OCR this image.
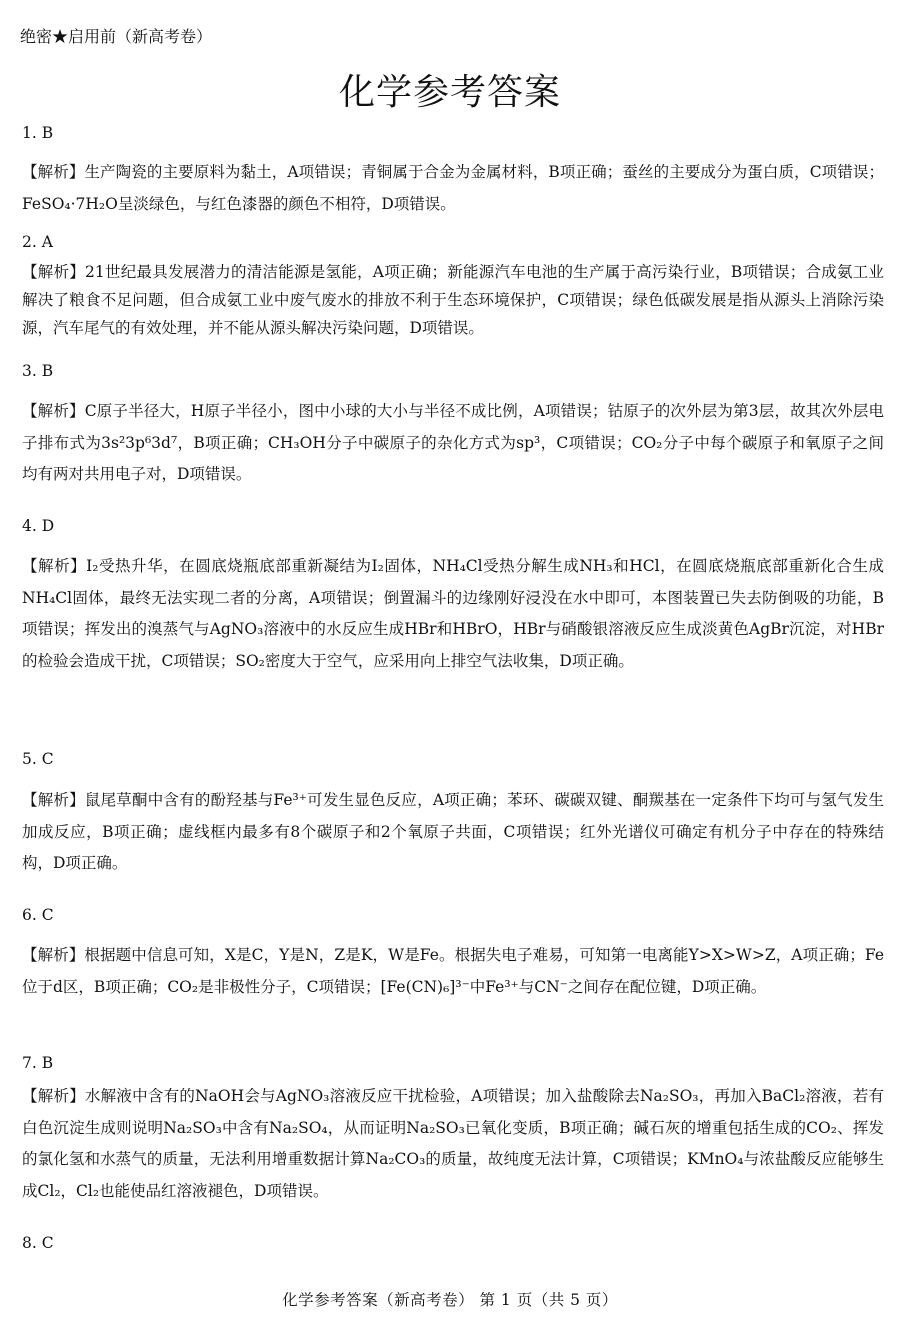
绝密★启用前（新高考卷）
化学参考答案
1. B

【解析】生产陶瓷的主要原料为黏土，A项错误；青铜属于合金为金属材料，B项正确；蚕丝的主要成分为蛋白质，C项错误；FeSO₄·7H₂O呈淡绿色，与红色漆器的颜色不相符，D项错误。

2. A

【解析】21世纪最具发展潜力的清洁能源是氢能，A项正确；新能源汽车电池的生产属于高污染行业，B项错误；合成氨工业解决了粮食不足问题，但合成氨工业中废气废水的排放不利于生态环境保护，C项错误；绿色低碳发展是指从源头上消除污染源，汽车尾气的有效处理，并不能从源头解决污染问题，D项错误。

3. B

【解析】C原子半径大，H原子半径小，图中小球的大小与半径不成比例，A项错误；钴原子的次外层为第3层，故其次外层电子排布式为3s²3p⁶3d⁷，B项正确；CH₃OH分子中碳原子的杂化方式为sp³，C项错误；CO₂分子中每个碳原子和氧原子之间均有两对共用电子对，D项错误。

4. D

【解析】I₂受热升华，在圆底烧瓶底部重新凝结为I₂固体，NH₄Cl受热分解生成NH₃和HCl，在圆底烧瓶底部重新化合生成NH₄Cl固体，最终无法实现二者的分离，A项错误；倒置漏斗的边缘刚好浸没在水中即可，本图装置已失去防倒吸的功能，B项错误；挥发出的溴蒸气与AgNO₃溶液中的水反应生成HBr和HBrO，HBr与硝酸银溶液反应生成淡黄色AgBr沉淀，对HBr的检验会造成干扰，C项错误；SO₂密度大于空气，应采用向上排空气法收集，D项正确。

5. C

【解析】鼠尾草酮中含有的酚羟基与Fe³⁺可发生显色反应，A项正确；苯环、碳碳双键、酮羰基在一定条件下均可与氢气发生加成反应，B项正确；虚线框内最多有8个碳原子和2个氧原子共面，C项错误；红外光谱仪可确定有机分子中存在的特殊结构，D项正确。

6. C

【解析】根据题中信息可知，X是C，Y是N，Z是K，W是Fe。根据失电子难易，可知第一电离能Y>X>W>Z，A项正确；Fe位于d区，B项正确；CO₂是非极性分子，C项错误；[Fe(CN)₆]³⁻中Fe³⁺与CN⁻之间存在配位键，D项正确。

7. B

【解析】水解液中含有的NaOH会与AgNO₃溶液反应干扰检验，A项错误；加入盐酸除去Na₂SO₃，再加入BaCl₂溶液，若有白色沉淀生成则说明Na₂SO₃中含有Na₂SO₄，从而证明Na₂SO₃已氧化变质，B项正确；碱石灰的增重包括生成的CO₂、挥发的氯化氢和水蒸气的质量，无法利用增重数据计算Na₂CO₃的质量，故纯度无法计算，C项错误；KMnO₄与浓盐酸反应能够生成Cl₂，Cl₂也能使品红溶液褪色，D项错误。

8. C
化学参考答案（新高考卷） 第 1 页（共 5 页）
